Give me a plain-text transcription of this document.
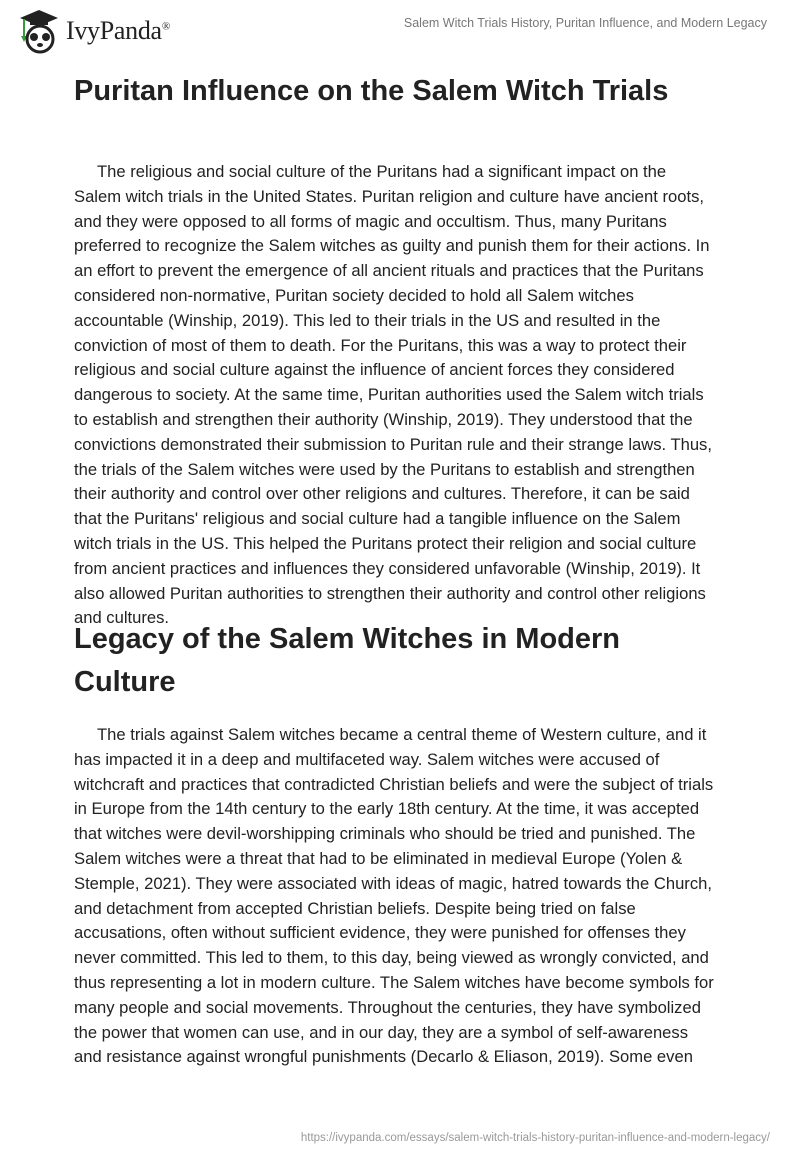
IvyPanda®	Salem Witch Trials History, Puritan Influence, and Modern Legacy
Puritan Influence on the Salem Witch Trials
The religious and social culture of the Puritans had a significant impact on the
Salem witch trials in the United States. Puritan religion and culture have ancient roots,
and they were opposed to all forms of magic and occultism. Thus, many Puritans
preferred to recognize the Salem witches as guilty and punish them for their actions. In
an effort to prevent the emergence of all ancient rituals and practices that the Puritans
considered non-normative, Puritan society decided to hold all Salem witches
accountable (Winship, 2019). This led to their trials in the US and resulted in the
conviction of most of them to death. For the Puritans, this was a way to protect their
religious and social culture against the influence of ancient forces they considered
dangerous to society. At the same time, Puritan authorities used the Salem witch trials
to establish and strengthen their authority (Winship, 2019). They understood that the
convictions demonstrated their submission to Puritan rule and their strange laws. Thus,
the trials of the Salem witches were used by the Puritans to establish and strengthen
their authority and control over other religions and cultures. Therefore, it can be said
that the Puritans' religious and social culture had a tangible influence on the Salem
witch trials in the US. This helped the Puritans protect their religion and social culture
from ancient practices and influences they considered unfavorable (Winship, 2019). It
also allowed Puritan authorities to strengthen their authority and control other religions
and cultures.
Legacy of the Salem Witches in Modern
Culture
The trials against Salem witches became a central theme of Western culture, and it
has impacted it in a deep and multifaceted way. Salem witches were accused of
witchcraft and practices that contradicted Christian beliefs and were the subject of trials
in Europe from the 14th century to the early 18th century. At the time, it was accepted
that witches were devil-worshipping criminals who should be tried and punished. The
Salem witches were a threat that had to be eliminated in medieval Europe (Yolen &
Stemple, 2021). They were associated with ideas of magic, hatred towards the Church,
and detachment from accepted Christian beliefs. Despite being tried on false
accusations, often without sufficient evidence, they were punished for offenses they
never committed. This led to them, to this day, being viewed as wrongly convicted, and
thus representing a lot in modern culture. The Salem witches have become symbols for
many people and social movements. Throughout the centuries, they have symbolized
the power that women can use, and in our day, they are a symbol of self-awareness
and resistance against wrongful punishments (Decarlo & Eliason, 2019). Some even
https://ivypanda.com/essays/salem-witch-trials-history-puritan-influence-and-modern-legacy/
